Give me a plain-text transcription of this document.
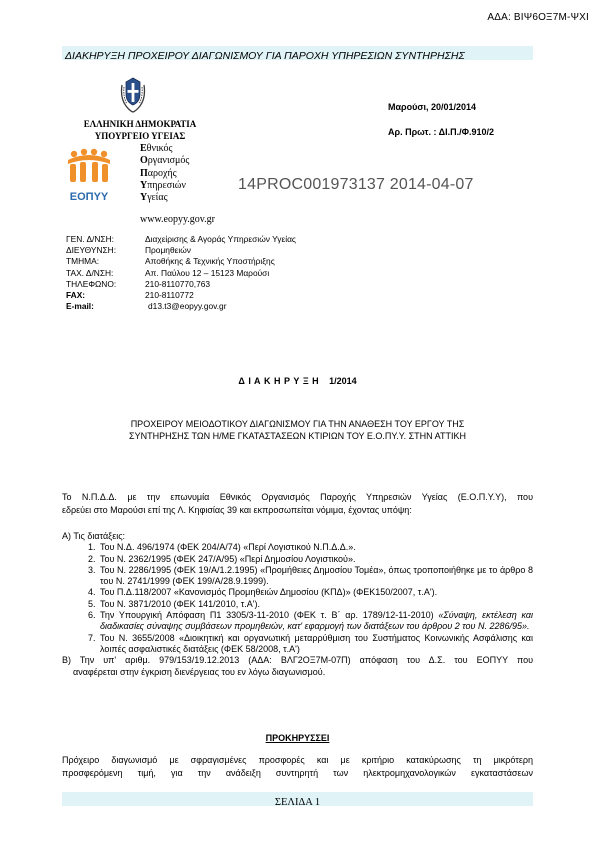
ΑΔΑ: ΒΙΨ6ΟΞ7Μ-ΨΧΙ
ΔΙΑΚΗΡΥΞΗ ΠΡΟΧΕΙΡΟΥ ΔΙΑΓΩΝΙΣΜΟΥ ΓΙΑ ΠΑΡΟΧΗ ΥΠΗΡΕΣΙΩΝ ΣΥΝΤΗΡΗΣΗΣ
ΕΛΛΗΝΙΚΗ ΔΗΜΟΚΡΑΤΙΑ
ΥΠΟΥΡΓΕΙΟ ΥΓΕΙΑΣ
ΕΟΠΥΥ
Εθνικός
Οργανισμός
Παροχής
Υπηρεσιών
Υγείας
www.eopyy.gov.gr
Μαρούσι, 20/01/2014
Αρ. Πρωτ. : ΔΙ.Π./Φ.910/2
14PROC001973137 2014-04-07
ΓΕΝ. Δ/ΝΣΗ:	Διαχείρισης & Αγοράς Υπηρεσιών Υγείας
ΔΙΕΥΘΥΝΣΗ:	Προμηθειών
ΤΜΗΜΑ:	Αποθήκης & Τεχνικής Υποστήριξης
ΤΑΧ. Δ/ΝΣΗ:	Απ. Παύλου 12 – 15123 Μαρούσι
ΤΗΛΕΦΩΝΟ:	210-8110770,763
FAX:	210-8110772
E-mail:	d13.t3@eopyy.gov.gr
Δ Ι Α Κ Η Ρ Υ Ξ Η   1/2014
ΠΡΟΧΕΙΡΟΥ ΜΕΙΟΔΟΤΙΚΟΥ ΔΙΑΓΩΝΙΣΜΟΥ ΓΙΑ ΤΗΝ ΑΝΑΘΕΣΗ ΤΟΥ ΕΡΓΟΥ ΤΗΣ
ΣΥΝΤΗΡΗΣΗΣ ΤΩΝ Η/ΜΕ ΓΚΑΤΑΣΤΑΣΕΩΝ ΚΤΙΡΙΩΝ ΤΟΥ Ε.Ο.ΠΥ.Υ. ΣΤΗΝ ΑΤΤΙΚΗ
Το Ν.Π.Δ.Δ. με την επωνυμία Εθνικός Οργανισμός Παροχής Υπηρεσιών Υγείας (Ε.Ο.Π.Υ.Υ), που
εδρεύει στο Μαρούσι επί της Λ. Κηφισίας 39 και εκπροσωπείται νόμιμα, έχοντας υπόψη:
Α) Τις διατάξεις:
1. Του Ν.Δ. 496/1974 (ΦΕΚ 204/Α/74) «Περί Λογιστικού Ν.Π.Δ.Δ.».
2. Του Ν. 2362/1995 (ΦΕΚ 247/Α/95) «Περί Δημοσίου Λογιστικού».
3. Του Ν. 2286/1995 (ΦΕΚ 19/Α/1.2.1995) «Προμήθειες Δημοσίου Τομέα», όπως τροποποιήθηκε με το άρθρο 8 του Ν. 2741/1999 (ΦΕΚ 199/Α/28.9.1999).
4. Του Π.Δ.118/2007 «Κανονισμός Προμηθειών Δημοσίου (ΚΠΔ)» (ΦΕΚ150/2007, τ.Α').
5. Του Ν. 3871/2010 (ΦΕΚ 141/2010, τ.Α').
6. Την Υπουργική Απόφαση Π1 3305/3-11-2010 (ΦΕΚ τ. Β΄ αρ. 1789/12-11-2010) «Σύναψη, εκτέλεση και διαδικασίες σύναψης συμβάσεων προμηθειών, κατ' εφαρμογή των διατάξεων του άρθρου 2 του Ν. 2286/95».
7. Του Ν. 3655/2008 «Διοικητική και οργανωτική μεταρρύθμιση του Συστήματος Κοινωνικής Ασφάλισης και λοιπές ασφαλιστικές διατάξεις (ΦΕΚ 58/2008, τ.Α')
Β) Την υπ' αριθμ. 979/153/19.12.2013 (ΑΔΑ: ΒΛΓ2ΟΞ7Μ-07Π) απόφαση του Δ.Σ. του ΕΟΠΥΥ που
αναφέρεται στην έγκριση διενέργειας του εν λόγω διαγωνισμού.
ΠΡΟΚΗΡΥΣΣΕΙ
Πρόχειρο διαγωνισμό με σφραγισμένες προσφορές και με κριτήριο κατακύρωσης τη μικρότερη
προσφερόμενη τιμή, για την ανάδειξη συντηρητή των ηλεκτρομηχανολογικών εγκαταστάσεων
ΣΕΛΙΔΑ 1
